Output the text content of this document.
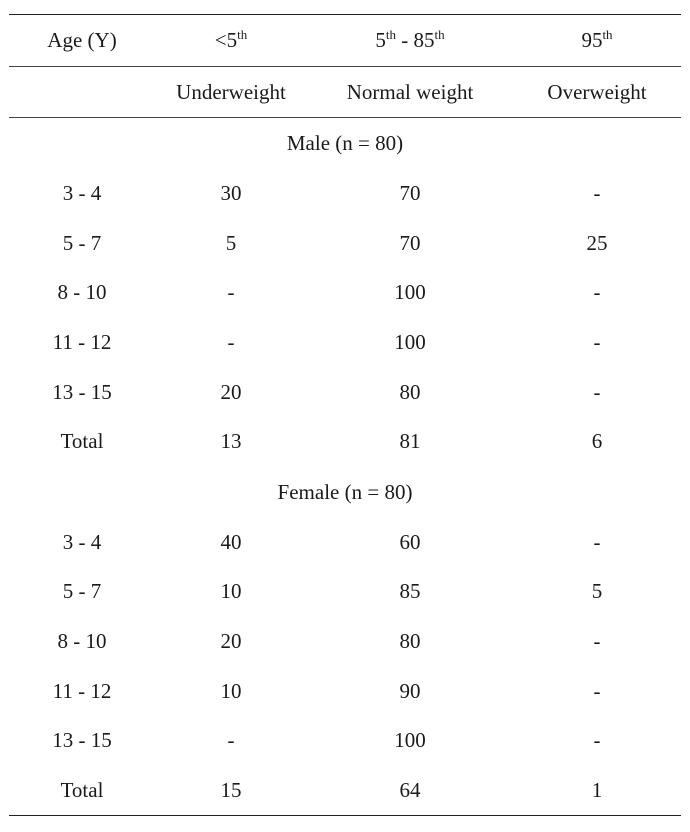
Age (Y)	<5th	5th - 85th	95th
	Underweight	Normal weight	Overweight
Male (n = 80)			
3 - 4	30	70	-
5 - 7	5	70	25
8 - 10	-	100	-
11 - 12	-	100	-
13 - 15	20	80	-
Total	13	81	6
Female (n = 80)			
3 - 4	40	60	-
5 - 7	10	85	5
8 - 10	20	80	-
11 - 12	10	90	-
13 - 15	-	100	-
Total	15	64	1
